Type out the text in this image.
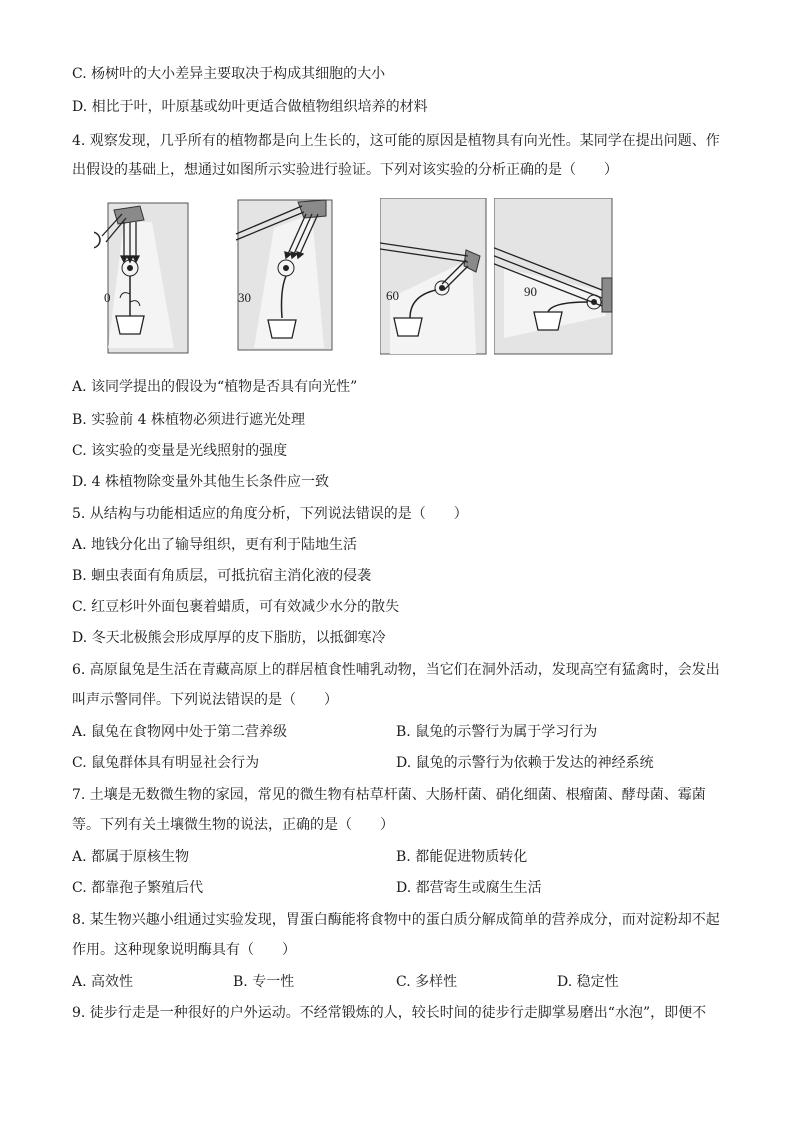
C. 杨树叶的大小差异主要取决于构成其细胞的大小
D. 相比于叶，叶原基或幼叶更适合做植物组织培养的材料
4. 观察发现，几乎所有的植物都是向上生长的，这可能的原因是植物具有向光性。某同学在提出问题、作
出假设的基础上，想通过如图所示实验进行验证。下列对该实验的分析正确的是（　　）
0	30	60	90
A. 该同学提出的假设为“植物是否具有向光性”
B. 实验前 4 株植物必须进行遮光处理
C. 该实验的变量是光线照射的强度
D. 4 株植物除变量外其他生长条件应一致
5. 从结构与功能相适应的角度分析，下列说法错误的是（　　）
A. 地钱分化出了输导组织，更有利于陆地生活
B. 蛔虫表面有角质层，可抵抗宿主消化液的侵袭
C. 红豆杉叶外面包裹着蜡质，可有效减少水分的散失
D. 冬天北极熊会形成厚厚的皮下脂肪，以抵御寒冷
6. 高原鼠兔是生活在青藏高原上的群居植食性哺乳动物，当它们在洞外活动，发现高空有猛禽时，会发出
叫声示警同伴。下列说法错误的是（　　）
A. 鼠兔在食物网中处于第二营养级	B. 鼠兔的示警行为属于学习行为
C. 鼠兔群体具有明显社会行为	D. 鼠兔的示警行为依赖于发达的神经系统
7. 土壤是无数微生物的家园，常见的微生物有枯草杆菌、大肠杆菌、硝化细菌、根瘤菌、酵母菌、霉菌
等。下列有关土壤微生物的说法，正确的是（　　）
A. 都属于原核生物	B. 都能促进物质转化
C. 都靠孢子繁殖后代	D. 都营寄生或腐生生活
8. 某生物兴趣小组通过实验发现，胃蛋白酶能将食物中的蛋白质分解成简单的营养成分，而对淀粉却不起
作用。这种现象说明酶具有（　　）
A. 高效性	B. 专一性	C. 多样性	D. 稳定性
9. 徒步行走是一种很好的户外运动。不经常锻炼的人，较长时间的徒步行走脚掌易磨出“水泡”，即便不
